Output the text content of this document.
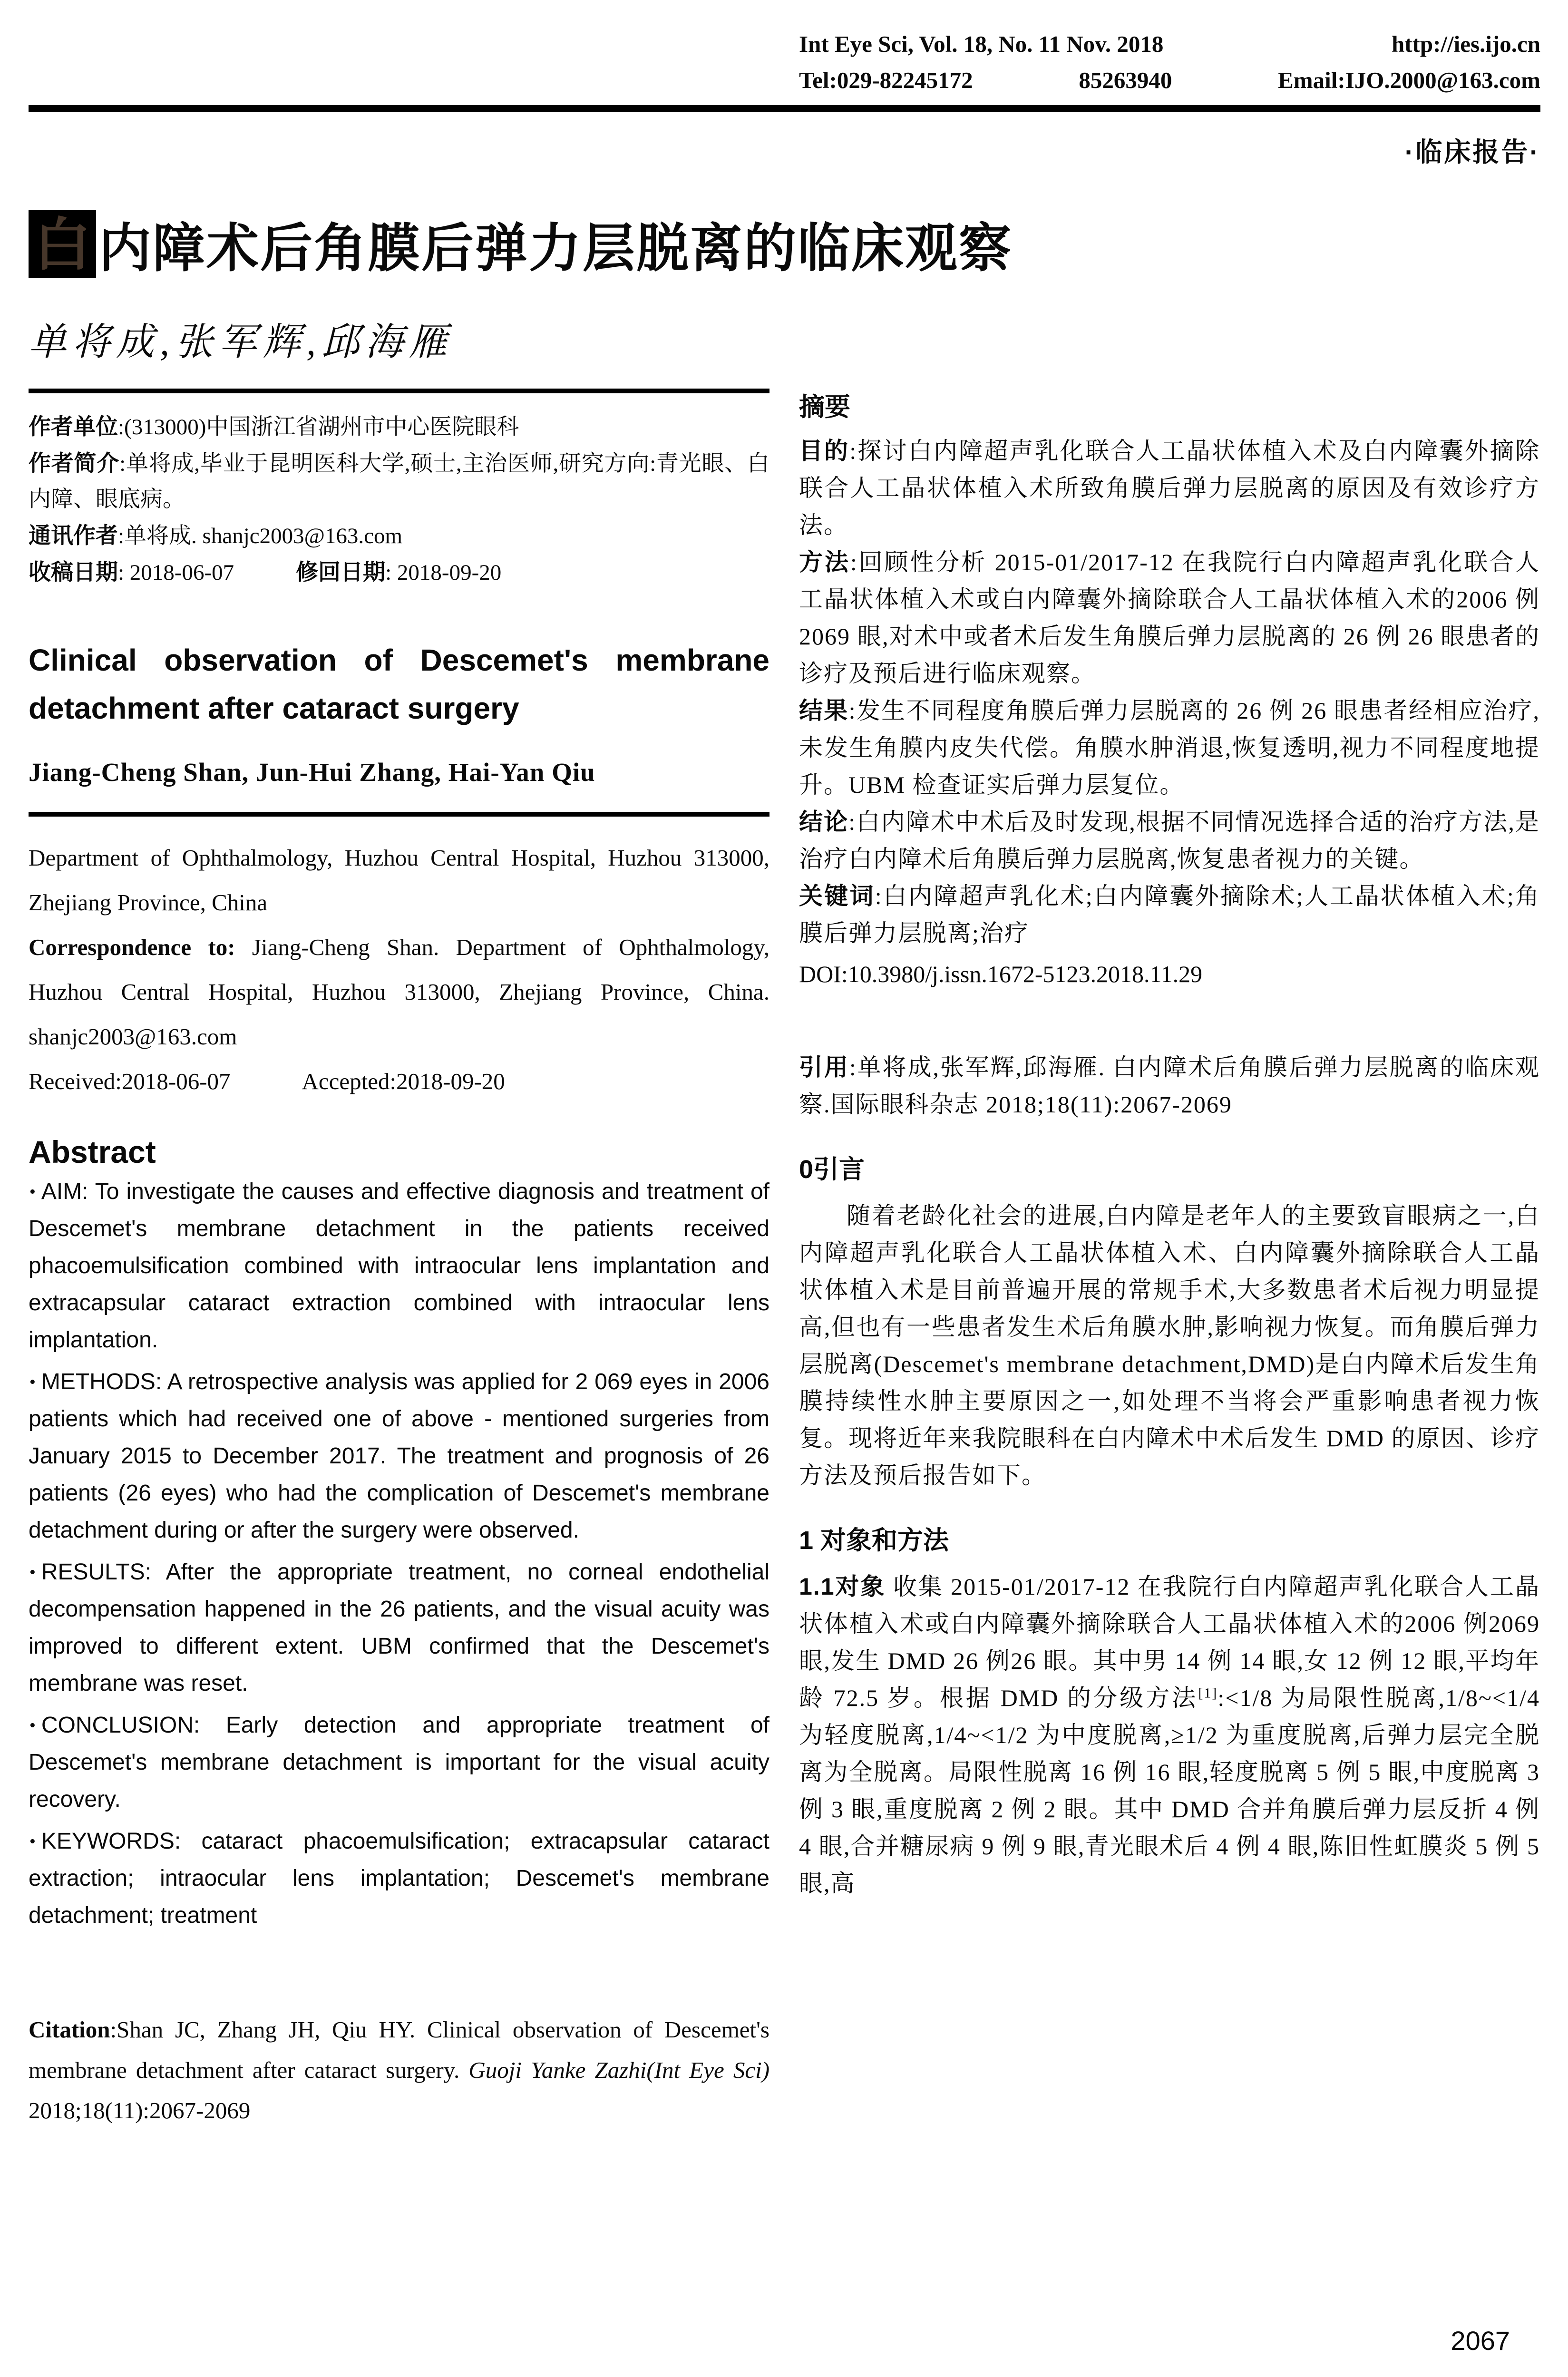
Int Eye Sci, Vol. 18, No. 11 Nov. 2018	http://ies.ijo.cn
Tel:029-82245172	85263940	Email:IJO.2000@163.com
·临床报告·
白 内障术后角膜后弹力层脱离的临床观察
单将成,张军辉,邱海雁

作者单位:(313000)中国浙江省湖州市中心医院眼科

作者简介:单将成,毕业于昆明医科大学,硕士,主治医师,研究方向:青光眼、白内障、眼底病。

通讯作者:单将成. shanjc2003@163.com

收稿日期: 2018-06-07	修回日期: 2018-09-20

Clinical observation of Descemet's membrane detachment after cataract surgery
Jiang-Cheng Shan, Jun-Hui Zhang, Hai-Yan Qiu

Department of Ophthalmology, Huzhou Central Hospital, Huzhou 313000, Zhejiang Province, China

Correspondence to: Jiang-Cheng Shan. Department of Ophthalmology, Huzhou Central Hospital, Huzhou 313000, Zhejiang Province, China. shanjc2003@163.com

Received:2018-06-07	Accepted:2018-09-20

Abstract

• AIM: To investigate the causes and effective diagnosis and treatment of Descemet's membrane detachment in the patients received phacoemulsification combined with intraocular lens implantation and extracapsular cataract extraction combined with intraocular lens implantation.

• METHODS: A retrospective analysis was applied for 2 069 eyes in 2006 patients which had received one of above - mentioned surgeries from January 2015 to December 2017. The treatment and prognosis of 26 patients (26 eyes) who had the complication of Descemet's membrane detachment during or after the surgery were observed.

• RESULTS: After the appropriate treatment, no corneal endothelial decompensation happened in the 26 patients, and the visual acuity was improved to different extent. UBM confirmed that the Descemet's membrane was reset.

• CONCLUSION: Early detection and appropriate treatment of Descemet's membrane detachment is important for the visual acuity recovery.

• KEYWORDS: cataract phacoemulsification; extracapsular cataract extraction; intraocular lens implantation; Descemet's membrane detachment; treatment

Citation:Shan JC, Zhang JH, Qiu HY. Clinical observation of Descemet's membrane detachment after cataract surgery. Guoji Yanke Zazhi(Int Eye Sci) 2018;18(11):2067-2069

摘要

目的:探讨白内障超声乳化联合人工晶状体植入术及白内障囊外摘除联合人工晶状体植入术所致角膜后弹力层脱离的原因及有效诊疗方法。

方法:回顾性分析 2015-01/2017-12 在我院行白内障超声乳化联合人工晶状体植入术或白内障囊外摘除联合人工晶状体植入术的2006 例2069 眼,对术中或者术后发生角膜后弹力层脱离的 26 例 26 眼患者的诊疗及预后进行临床观察。

结果:发生不同程度角膜后弹力层脱离的 26 例 26 眼患者经相应治疗,未发生角膜内皮失代偿。角膜水肿消退,恢复透明,视力不同程度地提升。UBM 检查证实后弹力层复位。

结论:白内障术中术后及时发现,根据不同情况选择合适的治疗方法,是治疗白内障术后角膜后弹力层脱离,恢复患者视力的关键。

关键词:白内障超声乳化术;白内障囊外摘除术;人工晶状体植入术;角膜后弹力层脱离;治疗

DOI:10.3980/j.issn.1672-5123.2018.11.29

引用:单将成,张军辉,邱海雁. 白内障术后角膜后弹力层脱离的临床观察.国际眼科杂志 2018;18(11):2067-2069

0引言

随着老龄化社会的进展,白内障是老年人的主要致盲眼病之一,白内障超声乳化联合人工晶状体植入术、白内障囊外摘除联合人工晶状体植入术是目前普遍开展的常规手术,大多数患者术后视力明显提高,但也有一些患者发生术后角膜水肿,影响视力恢复。而角膜后弹力层脱离(Descemet's membrane detachment,DMD)是白内障术后发生角膜持续性水肿主要原因之一,如处理不当将会严重影响患者视力恢复。现将近年来我院眼科在白内障术中术后发生 DMD 的原因、诊疗方法及预后报告如下。

1 对象和方法

1.1对象 收集 2015-01/2017-12 在我院行白内障超声乳化联合人工晶状体植入术或白内障囊外摘除联合人工晶状体植入术的2006 例2069 眼,发生 DMD 26 例26 眼。其中男 14 例 14 眼,女 12 例 12 眼,平均年龄 72.5 岁。根据 DMD 的分级方法[1]:<1/8 为局限性脱离,1/8~<1/4 为轻度脱离,1/4~<1/2 为中度脱离,≥1/2 为重度脱离,后弹力层完全脱离为全脱离。局限性脱离 16 例 16 眼,轻度脱离 5 例 5 眼,中度脱离 3 例 3 眼,重度脱离 2 例 2 眼。其中 DMD 合并角膜后弹力层反折 4 例 4 眼,合并糖尿病 9 例 9 眼,青光眼术后 4 例 4 眼,陈旧性虹膜炎 5 例 5 眼,高

2067
